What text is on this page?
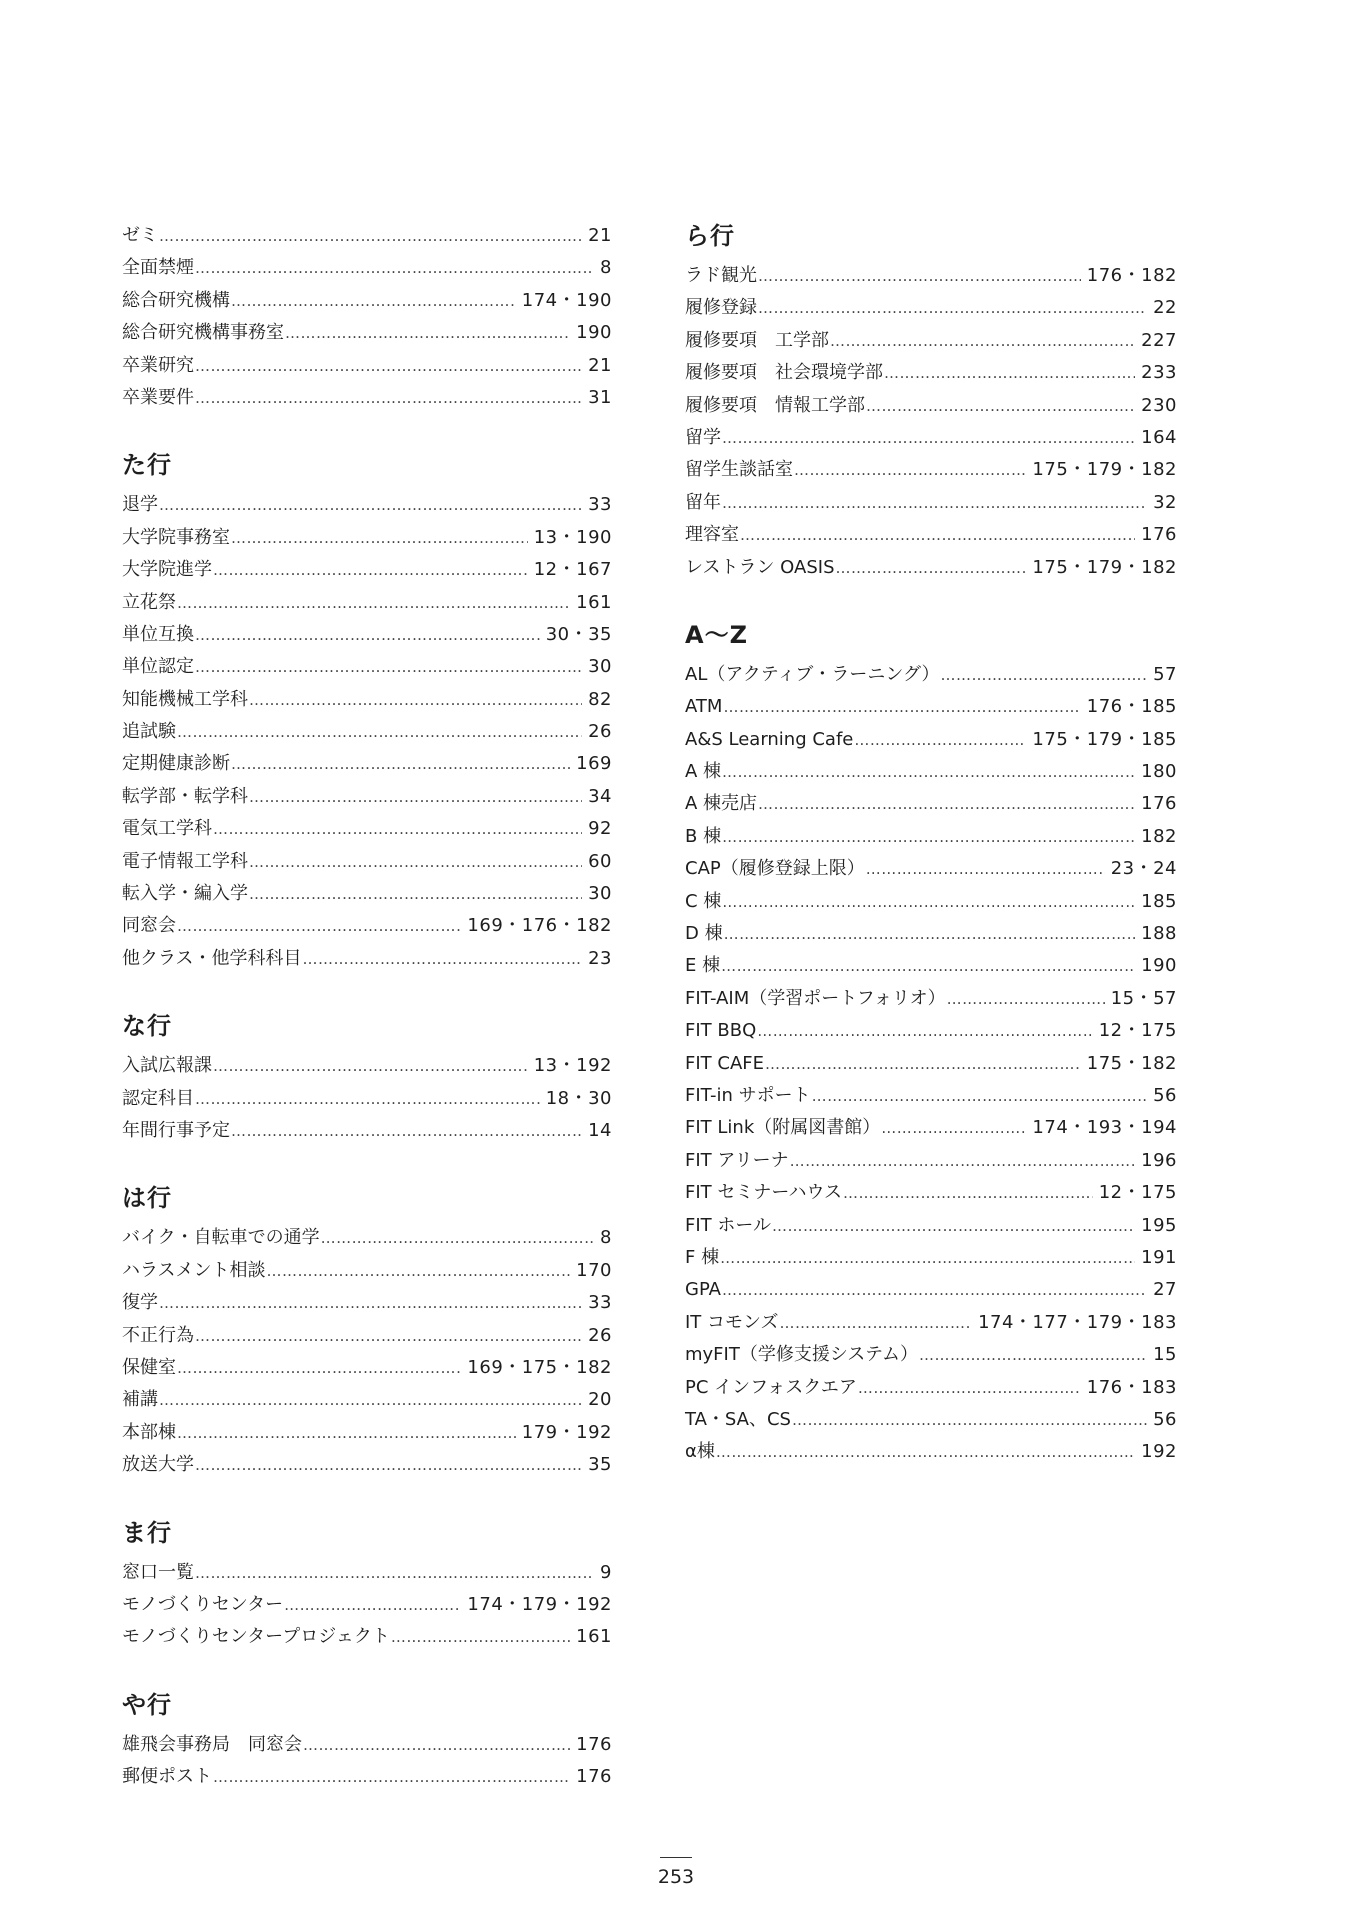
ゼミ …………………………………………………………………………………………………………………………………………………………………………	21
全面禁煙 …………………………………………………………………………………………………………………………………………………………………………	8
総合研究機構 …………………………………………………………………………………………………………………………………………………………………………	174・190
総合研究機構事務室 …………………………………………………………………………………………………………………………………………………………………………	190
卒業研究 …………………………………………………………………………………………………………………………………………………………………………	21
卒業要件 …………………………………………………………………………………………………………………………………………………………………………	31
た行
退学 …………………………………………………………………………………………………………………………………………………………………………	33
大学院事務室 …………………………………………………………………………………………………………………………………………………………………………	13・190
大学院進学 …………………………………………………………………………………………………………………………………………………………………………	12・167
立花祭 …………………………………………………………………………………………………………………………………………………………………………	161
単位互換 …………………………………………………………………………………………………………………………………………………………………………	30・35
単位認定 …………………………………………………………………………………………………………………………………………………………………………	30
知能機械工学科 …………………………………………………………………………………………………………………………………………………………………………	82
追試験 …………………………………………………………………………………………………………………………………………………………………………	26
定期健康診断 …………………………………………………………………………………………………………………………………………………………………………	169
転学部・転学科 …………………………………………………………………………………………………………………………………………………………………………	34
電気工学科 …………………………………………………………………………………………………………………………………………………………………………	92
電子情報工学科 …………………………………………………………………………………………………………………………………………………………………………	60
転入学・編入学 …………………………………………………………………………………………………………………………………………………………………………	30
同窓会 …………………………………………………………………………………………………………………………………………………………………………	169・176・182
他クラス・他学科科目 …………………………………………………………………………………………………………………………………………………………………………	23
な行
入試広報課 …………………………………………………………………………………………………………………………………………………………………………	13・192
認定科目 …………………………………………………………………………………………………………………………………………………………………………	18・30
年間行事予定 …………………………………………………………………………………………………………………………………………………………………………	14
は行
バイク・自転車での通学 …………………………………………………………………………………………………………………………………………………………………………	8
ハラスメント相談 …………………………………………………………………………………………………………………………………………………………………………	170
復学 …………………………………………………………………………………………………………………………………………………………………………	33
不正行為 …………………………………………………………………………………………………………………………………………………………………………	26
保健室 …………………………………………………………………………………………………………………………………………………………………………	169・175・182
補講 …………………………………………………………………………………………………………………………………………………………………………	20
本部棟 …………………………………………………………………………………………………………………………………………………………………………	179・192
放送大学 …………………………………………………………………………………………………………………………………………………………………………	35
ま行
窓口一覧 …………………………………………………………………………………………………………………………………………………………………………	9
モノづくりセンター …………………………………………………………………………………………………………………………………………………………………………	174・179・192
モノづくりセンタープロジェクト …………………………………………………………………………………………………………………………………………………………………………	161
や行
雄飛会事務局　同窓会 …………………………………………………………………………………………………………………………………………………………………………	176
郵便ポスト …………………………………………………………………………………………………………………………………………………………………………	176
ら行
ラド観光 …………………………………………………………………………………………………………………………………………………………………………	176・182
履修登録 …………………………………………………………………………………………………………………………………………………………………………	22
履修要項　工学部 …………………………………………………………………………………………………………………………………………………………………………	227
履修要項　社会環境学部 …………………………………………………………………………………………………………………………………………………………………………	233
履修要項　情報工学部 …………………………………………………………………………………………………………………………………………………………………………	230
留学 …………………………………………………………………………………………………………………………………………………………………………	164
留学生談話室 …………………………………………………………………………………………………………………………………………………………………………	175・179・182
留年 …………………………………………………………………………………………………………………………………………………………………………	32
理容室 …………………………………………………………………………………………………………………………………………………………………………	176
レストラン OASIS …………………………………………………………………………………………………………………………………………………………………………	175・179・182
A〜Z
AL（アクティブ・ラーニング） …………………………………………………………………………………………………………………………………………………………………………	57
ATM …………………………………………………………………………………………………………………………………………………………………………	176・185
A&S Learning Cafe …………………………………………………………………………………………………………………………………………………………………………	175・179・185
A 棟 …………………………………………………………………………………………………………………………………………………………………………	180
A 棟売店 …………………………………………………………………………………………………………………………………………………………………………	176
B 棟 …………………………………………………………………………………………………………………………………………………………………………	182
CAP（履修登録上限） …………………………………………………………………………………………………………………………………………………………………………	23・24
C 棟 …………………………………………………………………………………………………………………………………………………………………………	185
D 棟 …………………………………………………………………………………………………………………………………………………………………………	188
E 棟 …………………………………………………………………………………………………………………………………………………………………………	190
FIT-AIM（学習ポートフォリオ） …………………………………………………………………………………………………………………………………………………………………………	15・57
FIT BBQ …………………………………………………………………………………………………………………………………………………………………………	12・175
FIT CAFE …………………………………………………………………………………………………………………………………………………………………………	175・182
FIT-in サポート …………………………………………………………………………………………………………………………………………………………………………	56
FIT Link（附属図書館） …………………………………………………………………………………………………………………………………………………………………………	174・193・194
FIT アリーナ …………………………………………………………………………………………………………………………………………………………………………	196
FIT セミナーハウス …………………………………………………………………………………………………………………………………………………………………………	12・175
FIT ホール …………………………………………………………………………………………………………………………………………………………………………	195
F 棟 …………………………………………………………………………………………………………………………………………………………………………	191
GPA …………………………………………………………………………………………………………………………………………………………………………	27
IT コモンズ …………………………………………………………………………………………………………………………………………………………………………	174・177・179・183
myFIT（学修支援システム） …………………………………………………………………………………………………………………………………………………………………………	15
PC インフォスクエア …………………………………………………………………………………………………………………………………………………………………………	176・183
TA・SA、CS …………………………………………………………………………………………………………………………………………………………………………	56
α棟 …………………………………………………………………………………………………………………………………………………………………………	192
253
